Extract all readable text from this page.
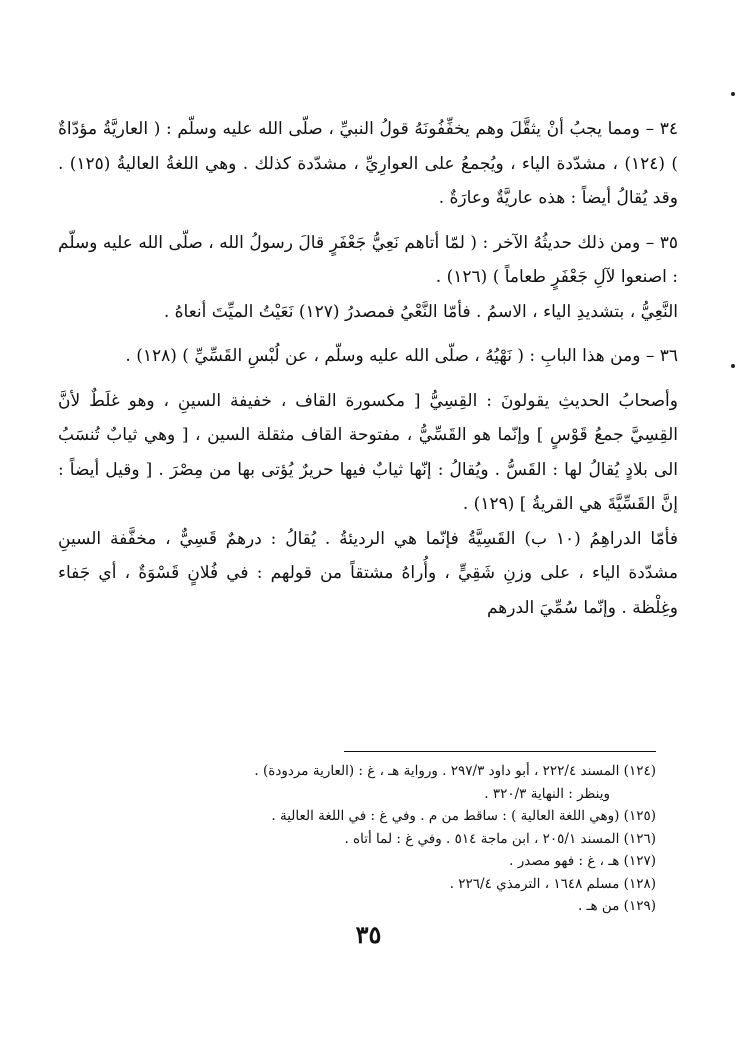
٣٤ – ومما يجبُ أنْ يثقَّلَ وهم يخفِّفُونَهُ قولُ النبيِّ ، صلّى الله عليه وسلّم : ( العاريَّةُ مؤدّاةٌ ) (١٢٤) ، مشدّدة الياء ، ويُجمعُ على العوارِيِّ ، مشدّدة كذلك . وهي اللغةُ العاليةُ (١٢٥) . وقد يُقالُ أيضاً : هذه عاريَّةٌ وعارَةٌ .

٣٥ – ومن ذلك حديثُهُ الآخر : ( لمّا أتاهم نَعِيُّ جَعْفَرٍ قالَ رسولُ الله ، صلّى الله عليه وسلّم : اصنعوا لآلِ جَعْفَرٍ طعاماً ) (١٢٦) .

النَّعِيُّ ، بتشديدِ الياء ، الاسمُ . فأمّا النَّعْيُ فمصدرُ (١٢٧) نَعَيْتُ الميِّتَ أنعاهُ .

٣٦ – ومن هذا البابِ : ( نَهْيُهُ ، صلّى الله عليه وسلّم ، عن لُبْسِ القَسِّيِّ ) (١٢٨) .

وأصحابُ الحديثِ يقولونَ : القِسِيُّ [ مكسورة القاف ، خفيفة السينِ ، وهو غلَطٌ لأنَّ القِسِيَّ جمعُ قَوْسٍ ] وإنّما هو القَسِّيُّ ، مفتوحة القاف مثقلة السين ، [ وهي ثيابٌ تُنسَبُ الى بلادٍ يُقالُ لها : القَسُّ . ويُقالُ : إنّها ثيابٌ فيها حريرٌ يُؤتى بها من مِصْرَ . [ وقيل أيضاً : إنَّ القَسِّيَّةَ هي القريةُ ] (١٢٩) .

فأمّا الدراهِمُ (١٠ ب) القَسِيَّةُ فإنّما هي الرديئةُ . يُقالُ : درهمٌ قَسِيٌّ ، مخفَّفة السينِ مشدّدة الياء ، على وزنِ شَقِيٍّ ، وأُراهُ مشتقاً من قولهم : في فُلانٍ قَسْوَةٌ ، أي جَفاء وغِلْظة . وإنّما سُمِّيَ الدرهم

(١٢٤) المسند ٢٢٢/٤ ، أبو داود ٢٩٧/٣ . ورواية هـ ، غ : (العارية مردودة) .
وينظر : النهاية ٣٢٠/٣ .
(١٢٥) (وهي اللغة العالية ) : ساقط من م . وفي غ : في اللغة العالية .
(١٢٦) المسند ٢٠٥/١ ، ابن ماجة ٥١٤ . وفي غ : لما أتاه .
(١٢٧) هـ ، غ : فهو مصدر .
(١٢٨) مسلم ١٦٤٨ ، الترمذي ٢٢٦/٤ .
(١٢٩) من هـ .
٣٥
